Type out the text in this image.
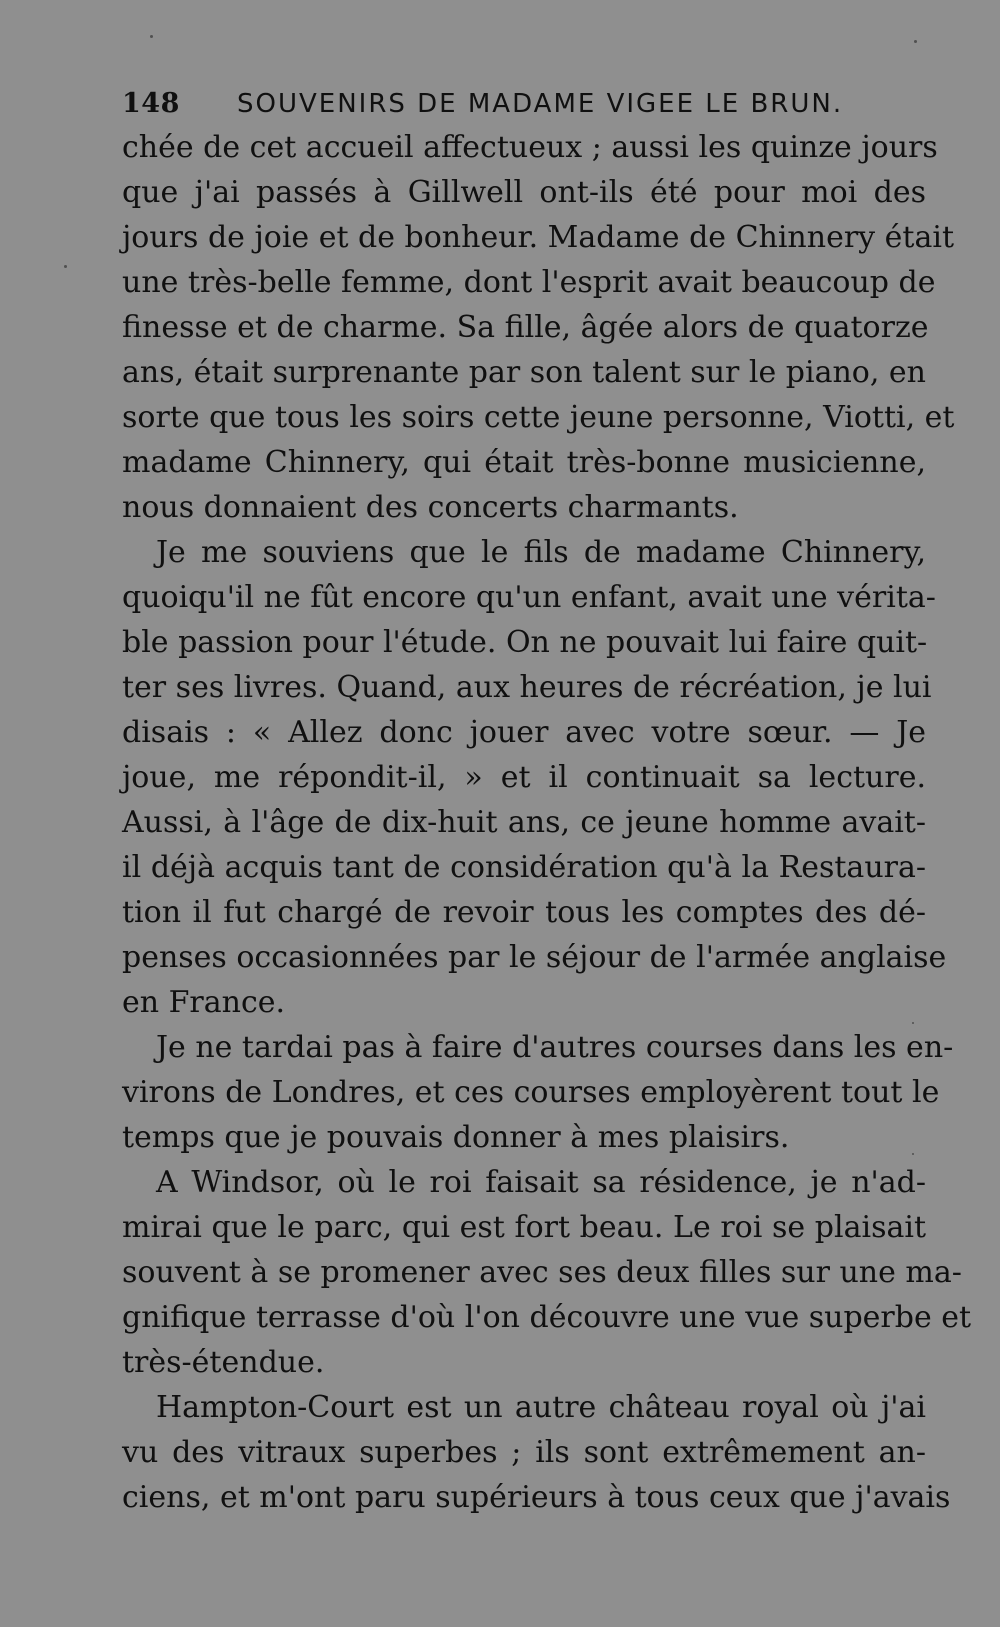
148	SOUVENIRS DE MADAME VIGEE LE BRUN.
chée de cet accueil affectueux ; aussi les quinze jours
que j'ai passés à Gillwell ont-ils été pour moi des
jours de joie et de bonheur. Madame de Chinnery était
une très-belle femme, dont l'esprit avait beaucoup de
finesse et de charme. Sa fille, âgée alors de quatorze
ans, était surprenante par son talent sur le piano, en
sorte que tous les soirs cette jeune personne, Viotti, et
madame Chinnery, qui était très-bonne musicienne,
nous donnaient des concerts charmants.
Je me souviens que le fils de madame Chinnery,
quoiqu'il ne fût encore qu'un enfant, avait une vérita-
ble passion pour l'étude. On ne pouvait lui faire quit-
ter ses livres. Quand, aux heures de récréation, je lui
disais : « Allez donc jouer avec votre sœur. — Je
joue, me répondit-il, » et il continuait sa lecture.
Aussi, à l'âge de dix-huit ans, ce jeune homme avait-
il déjà acquis tant de considération qu'à la Restaura-
tion il fut chargé de revoir tous les comptes des dé-
penses occasionnées par le séjour de l'armée anglaise
en France.
Je ne tardai pas à faire d'autres courses dans les en-
virons de Londres, et ces courses employèrent tout le
temps que je pouvais donner à mes plaisirs.
A Windsor, où le roi faisait sa résidence, je n'ad-
mirai que le parc, qui est fort beau. Le roi se plaisait
souvent à se promener avec ses deux filles sur une ma-
gnifique terrasse d'où l'on découvre une vue superbe et
très-étendue.
Hampton-Court est un autre château royal où j'ai
vu des vitraux superbes ; ils sont extrêmement an-
ciens, et m'ont paru supérieurs à tous ceux que j'avais
